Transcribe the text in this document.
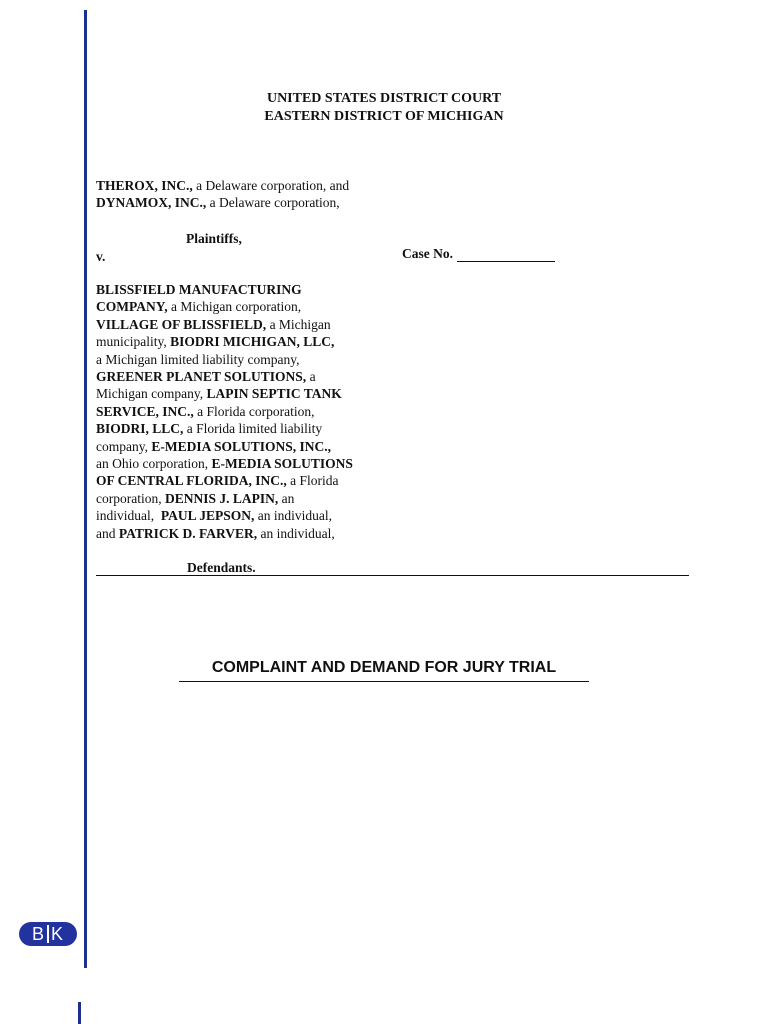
UNITED STATES DISTRICT COURT
EASTERN DISTRICT OF MICHIGAN
THEROX, INC., a Delaware corporation, and
DYNAMOX, INC., a Delaware corporation,
Plaintiffs,
v.	Case No.
BLISSFIELD MANUFACTURING
COMPANY, a Michigan corporation,
VILLAGE OF BLISSFIELD, a Michigan
municipality, BIODRI MICHIGAN, LLC,
a Michigan limited liability company,
GREENER PLANET SOLUTIONS, a
Michigan company, LAPIN SEPTIC TANK
SERVICE, INC., a Florida corporation,
BIODRI, LLC, a Florida limited liability
company, E-MEDIA SOLUTIONS, INC.,
an Ohio corporation, E-MEDIA SOLUTIONS
OF CENTRAL FLORIDA, INC., a Florida
corporation, DENNIS J. LAPIN, an
individual,  PAUL JEPSON, an individual,
and PATRICK D. FARVER, an individual,
Defendants.
COMPLAINT AND DEMAND FOR JURY TRIAL
B K
